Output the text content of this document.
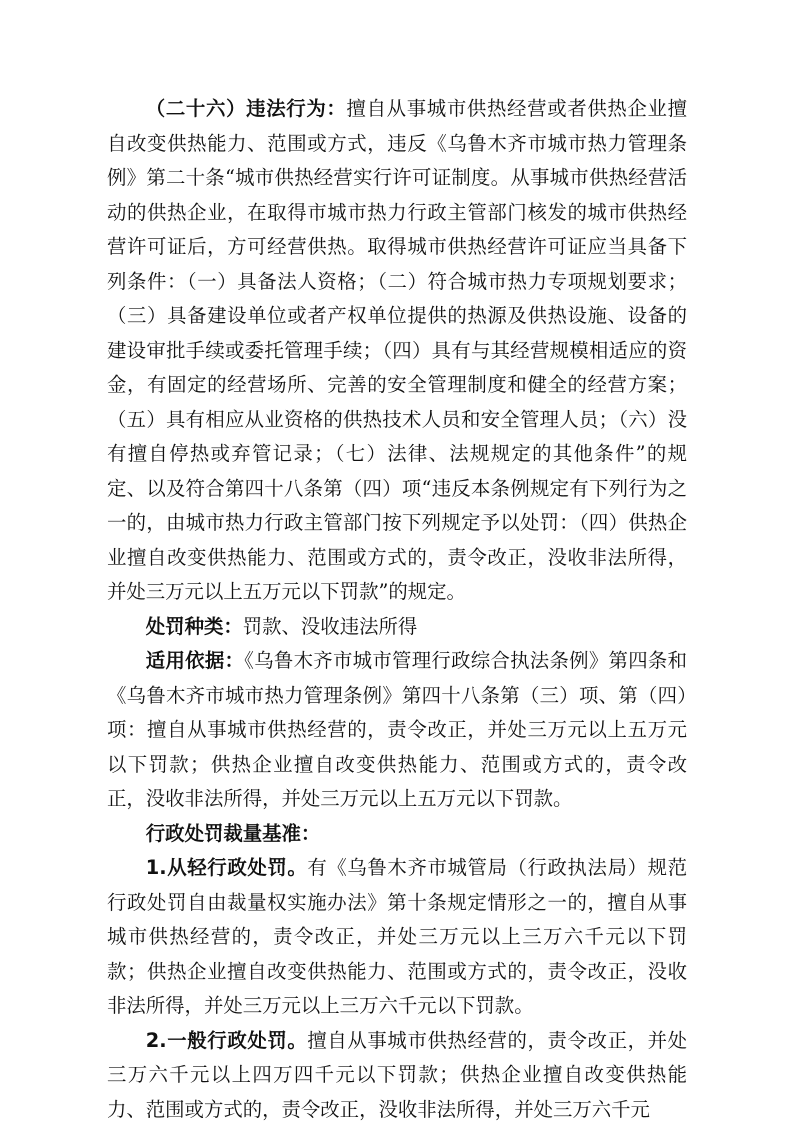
（二十六）违法行为：擅自从事城市供热经营或者供热企业擅自改变供热能力、范围或方式，违反《乌鲁木齐市城市热力管理条例》第二十条“城市供热经营实行许可证制度。从事城市供热经营活动的供热企业，在取得市城市热力行政主管部门核发的城市供热经营许可证后，方可经营供热。取得城市供热经营许可证应当具备下列条件：（一）具备法人资格；（二）符合城市热力专项规划要求；（三）具备建设单位或者产权单位提供的热源及供热设施、设备的建设审批手续或委托管理手续；（四）具有与其经营规模相适应的资金，有固定的经营场所、完善的安全管理制度和健全的经营方案；（五）具有相应从业资格的供热技术人员和安全管理人员；（六）没有擅自停热或弃管记录；（七）法律、法规规定的其他条件”的规定、以及符合第四十八条第（四）项“违反本条例规定有下列行为之一的，由城市热力行政主管部门按下列规定予以处罚：（四）供热企业擅自改变供热能力、范围或方式的，责令改正，没收非法所得，并处三万元以上五万元以下罚款”的规定。

处罚种类：罚款、没收违法所得

适用依据：《乌鲁木齐市城市管理行政综合执法条例》第四条和《乌鲁木齐市城市热力管理条例》第四十八条第（三）项、第（四）项：擅自从事城市供热经营的，责令改正，并处三万元以上五万元以下罚款；供热企业擅自改变供热能力、范围或方式的，责令改正，没收非法所得，并处三万元以上五万元以下罚款。

行政处罚裁量基准：

1.从轻行政处罚。有《乌鲁木齐市城管局（行政执法局）规范行政处罚自由裁量权实施办法》第十条规定情形之一的，擅自从事城市供热经营的，责令改正，并处三万元以上三万六千元以下罚款；供热企业擅自改变供热能力、范围或方式的，责令改正，没收非法所得，并处三万元以上三万六千元以下罚款。

2.一般行政处罚。擅自从事城市供热经营的，责令改正，并处三万六千元以上四万四千元以下罚款；供热企业擅自改变供热能力、范围或方式的，责令改正，没收非法所得，并处三万六千元
